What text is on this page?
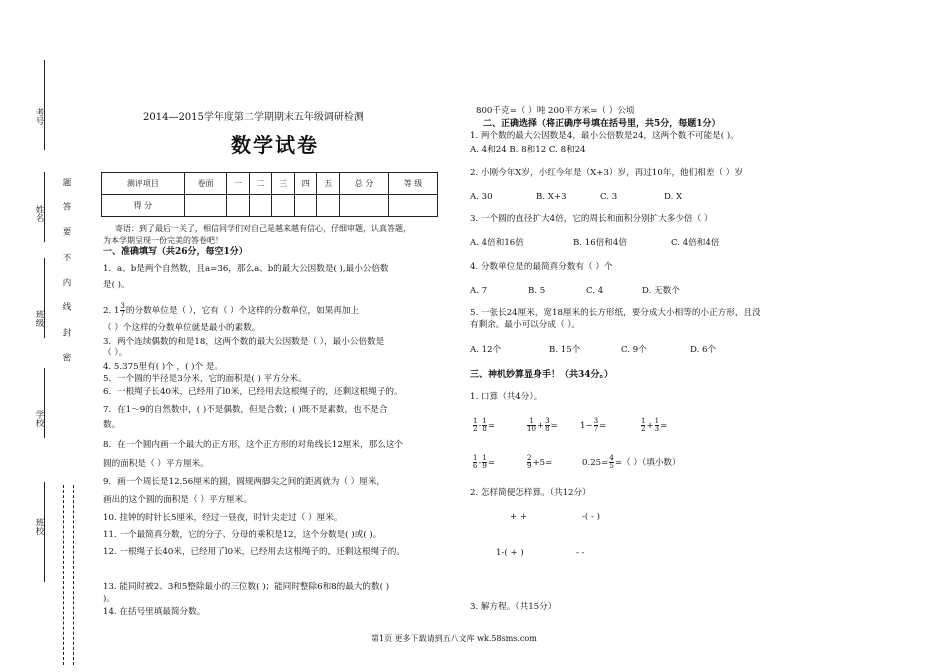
考号
姓名
班级
学校
班校
题
答
要
不
内
线
封
密
2014—2015学年度第二学期期末五年级调研检测
数学试卷
测评项目	卷面	一	二	三	四	五	总 分	等 级
得 分								
寄语：到了最后一关了，相信同学们对自己是越来越有信心，仔细审题，认真答题，
为本学期呈现一份完美的答卷吧！
一、准确填写（共26分，每空1分）
1．a、b是两个自然数，且a=36，那么a、b的最大公因数是( ),最小公倍数
是( )。
2. $1 \frac{3}{7}$ 的分数单位是（ ），它有（ ）个这样的分数单位，如果再加上
（ ）个这样的分数单位就是最小的素数。
3．两个连续偶数的和是18，这两个数的最大公因数是（ ），最小公倍数是
（ ）。
4. 5.375里有( )个 ，( )个 是。
5．一个圆的半径是3分米，它的面积是( ) 平方分米。
6．一根绳子长40米，已经用了l0米，已经用去这根绳子的，还剩这根绳子的。
7．在1～9的自然数中，( )不是偶数，但是合数；( )既不是素数，也不是合
数。
8．在一个圆内画一个最大的正方形，这个正方形的对角线长12厘米，那么这个
圆的面积是（ ）平方厘米。
9．画一个周长是12.56厘米的圆，圆规两脚尖之间的距离就为（ ）厘米，
画出的这个圆的面积是（ ）平方厘米。
10. 挂钟的时针长5厘米，经过一昼夜，时针尖走过（ ）厘米。
11. 一个最简真分数，它的分子、分母的乘积是12，这个分数是( )或( )。
12. 一根绳子长40米，已经用了l0米，已经用去这根绳子的，还剩这根绳子的。
13. 能同时被2、3和5整除最小的三位数( )；能同时整除6和8的最大的数( )
)。
14. 在括号里填最简分数。
800千克=（ ）吨 200平方米=（ ）公顷
二、正确选择（将正确序号填在括号里，共5分，每题1分）
1. 两个数的最大公因数是4，最小公倍数是24，这两个数不可能是( )。
A. 4和24 B. 8和12 C. 8和24
2. 小刚今年X岁，小红今年是（X+3）岁，再过10年，他们相差（ ）岁
A. 30	B. X+3	C. 3	D. X
3. 一个圆的直径扩大4倍，它的周长和面积分别扩大多少倍（ ）
A. 4倍和16倍	B. 16倍和4倍	C. 4倍和4倍
4. 分数单位是的最简真分数有（ ）个
A. 7	B. 5	C. 4	D. 无数个
5. 一张长24厘米，宽18厘米的长方形纸，要分成大小相等的小正方形，且没
有剩余。最小可以分成（ ）。
A. 12个	B. 15个	C. 9个	D. 6个
三、神机妙算显身手！（共34分。）
1. 口算（共4分）。
$\frac{1}{2} - \frac{1}{8}$ =	$\frac{1}{10} + \frac{3}{8}$ =	$1- \frac{3}{7}$ =	$\frac{1}{2} + \frac{1}{3}$ =
$\frac{1}{6} - \frac{1}{9}$ =	$\frac{2}{9} +5=$	$0.25= \frac{4}{5}$ =（ ）（填小数）
2. 怎样简便怎样算。（共12分）
+ +	-( - )
1-( + )	- -
3. 解方程。（共15分）
第1页 更多下载请到五八文库 wk.58sms.com
